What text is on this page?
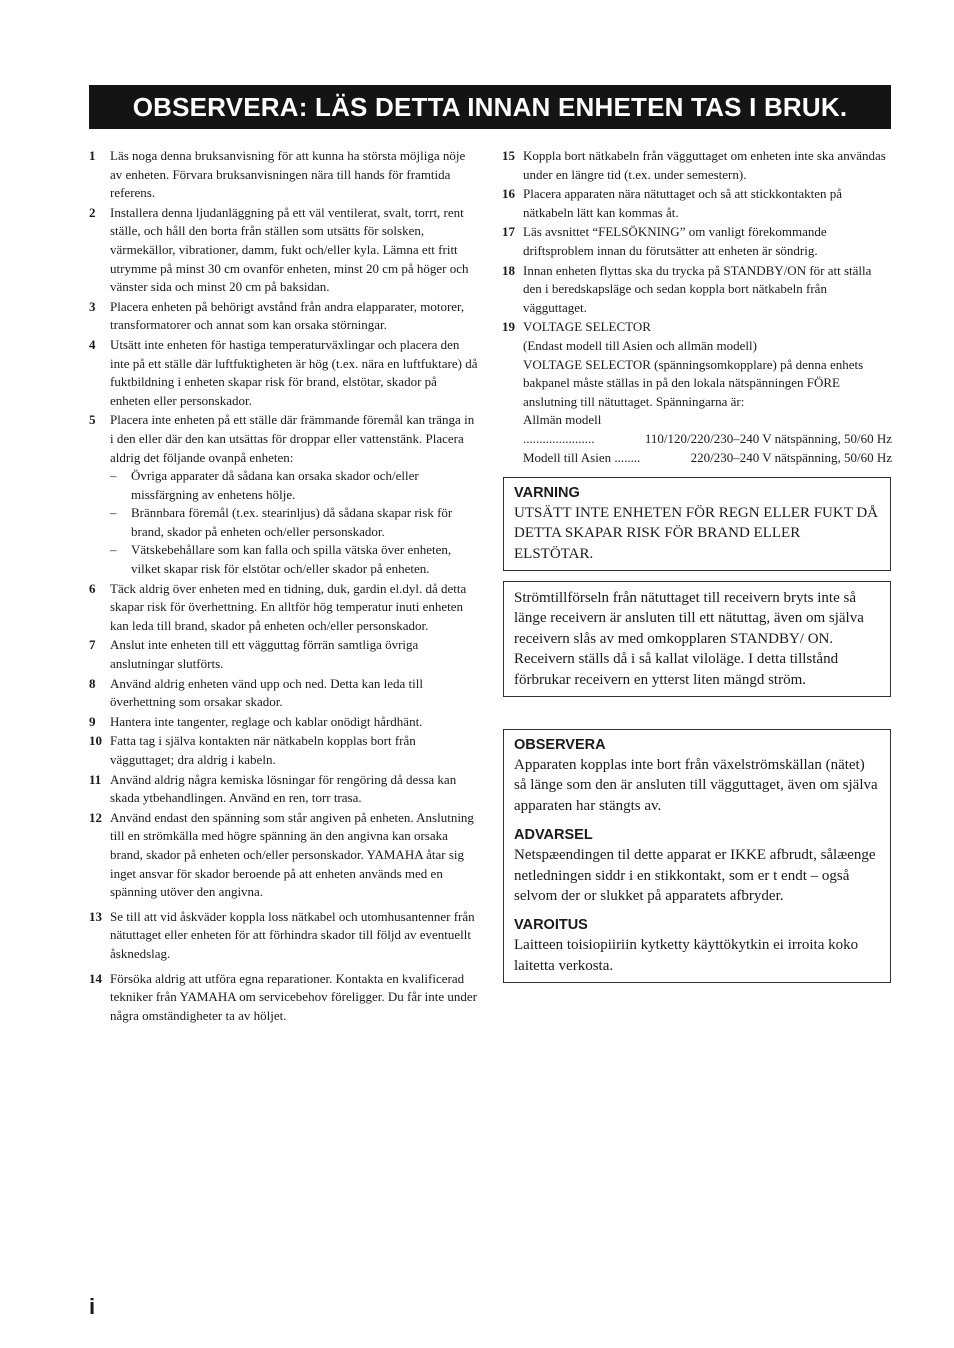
OBSERVERA: LÄS DETTA INNAN ENHETEN TAS I BRUK.
1 Läs noga denna bruksanvisning för att kunna ha största möjliga nöje av enheten. Förvara bruksanvisningen nära till hands för framtida referens.
2 Installera denna ljudanläggning på ett väl ventilerat, svalt, torrt, rent ställe, och håll den borta från ställen som utsätts för solsken, värmekällor, vibrationer, damm, fukt och/eller kyla. Lämna ett fritt utrymme på minst 30 cm ovanför enheten, minst 20 cm på höger och vänster sida och minst 20 cm på baksidan.
3 Placera enheten på behörigt avstånd från andra elapparater, motorer, transformatorer och annat som kan orsaka störningar.
4 Utsätt inte enheten för hastiga temperaturväxlingar och placera den inte på ett ställe där luftfuktigheten är hög (t.ex. nära en luftfuktare) då fuktbildning i enheten skapar risk för brand, elstötar, skador på enheten eller personskador.
5 Placera inte enheten på ett ställe där främmande föremål kan tränga in i den eller där den kan utsättas för droppar eller vattenstänk. Placera aldrig det följande ovanpå enheten:
– Övriga apparater då sådana kan orsaka skador och/eller missfärgning av enhetens hölje.
– Brännbara föremål (t.ex. stearinljus) då sådana skapar risk för brand, skador på enheten och/eller personskador.
– Vätskebehållare som kan falla och spilla vätska över enheten, vilket skapar risk för elstötar och/eller skador på enheten.
6 Täck aldrig över enheten med en tidning, duk, gardin el.dyl. då detta skapar risk för överhettning. En alltför hög temperatur inuti enheten kan leda till brand, skador på enheten och/eller personskador.
7 Anslut inte enheten till ett vägguttag förrän samtliga övriga anslutningar slutförts.
8 Använd aldrig enheten vänd upp och ned. Detta kan leda till överhettning som orsakar skador.
9 Hantera inte tangenter, reglage och kablar onödigt hårdhänt.
10 Fatta tag i själva kontakten när nätkabeln kopplas bort från vägguttaget; dra aldrig i kabeln.
11 Använd aldrig några kemiska lösningar för rengöring då dessa kan skada ytbehandlingen. Använd en ren, torr trasa.
12 Använd endast den spänning som står angiven på enheten. Anslutning till en strömkälla med högre spänning än den angivna kan orsaka brand, skador på enheten och/eller personskador. YAMAHA åtar sig inget ansvar för skador beroende på att enheten används med en spänning utöver den angivna.
13 Se till att vid åskväder koppla loss nätkabel och utomhusantenner från nätuttaget eller enheten för att förhindra skador till följd av eventuellt åsknedslag.
14 Försöka aldrig att utföra egna reparationer. Kontakta en kvalificerad tekniker från YAMAHA om servicebehov föreligger. Du får inte under några omständigheter ta av höljet.
15 Koppla bort nätkabeln från vägguttaget om enheten inte ska användas under en längre tid (t.ex. under semestern).
16 Placera apparaten nära nätuttaget och så att stickkontakten på nätkabeln lätt kan kommas åt.
17 Läs avsnittet “FELSÖKNING” om vanligt förekommande driftsproblem innan du förutsätter att enheten är söndrig.
18 Innan enheten flyttas ska du trycka på STANDBY/ON för att ställa den i beredskapsläge och sedan koppla bort nätkabeln från vägguttaget.
19 VOLTAGE SELECTOR
(Endast modell till Asien och allmän modell)
VOLTAGE SELECTOR (spänningsomkopplare) på denna enhets bakpanel måste ställas in på den lokala nätspänningen FÖRE anslutning till nätuttaget. Spänningarna är:
Allmän modell
......................	110/120/220/230–240 V nätspänning, 50/60 Hz
Modell till Asien ........	220/230–240 V nätspänning, 50/60 Hz
VARNING
UTSÄTT INTE ENHETEN FÖR REGN ELLER FUKT DÅ DETTA SKAPAR RISK FÖR BRAND ELLER ELSTÖTAR.
Strömtillförseln från nätuttaget till receivern bryts inte så länge receivern är ansluten till ett nätuttag, även om själva receivern slås av med omkopplaren STANDBY/ ON. Receivern ställs då i så kallat viloläge. I detta tillstånd förbrukar receivern en ytterst liten mängd ström.
OBSERVERA
Apparaten kopplas inte bort från växelströmskällan (nätet) så länge som den är ansluten till vägguttaget, även om själva apparaten har stängts av.
ADVARSEL
Netspæendingen til dette apparat er IKKE afbrudt, sålæenge netledningen siddr i en stikkontakt, som er t endt – også selvom der or slukket på apparatets afbryder.
VAROITUS
Laitteen toisiopiiriin kytketty käyttökytkin ei irroita koko laitetta verkosta.
i
